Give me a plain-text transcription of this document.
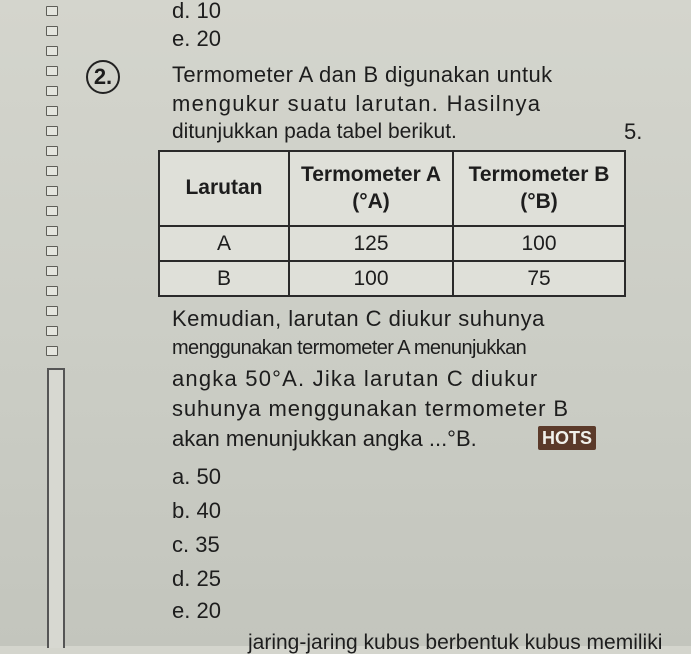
d. 10
e. 20
2.	Termometer A dan B digunakan untuk
mengukur suatu larutan. Hasilnya
ditunjukkan pada tabel berikut.	5.
Larutan	Termometer A (°A)	Termometer B (°B)
A	125	100
B	100	75
Kemudian, larutan C diukur suhunya
menggunakan termometer A menunjukkan
angka 50°A. Jika larutan C diukur
suhunya menggunakan termometer B
akan menunjukkan angka ...°B.	HOTS
a. 50
b. 40
c. 35
d. 25
e. 20
jaring-jaring kubus berbentuk kubus memiliki
